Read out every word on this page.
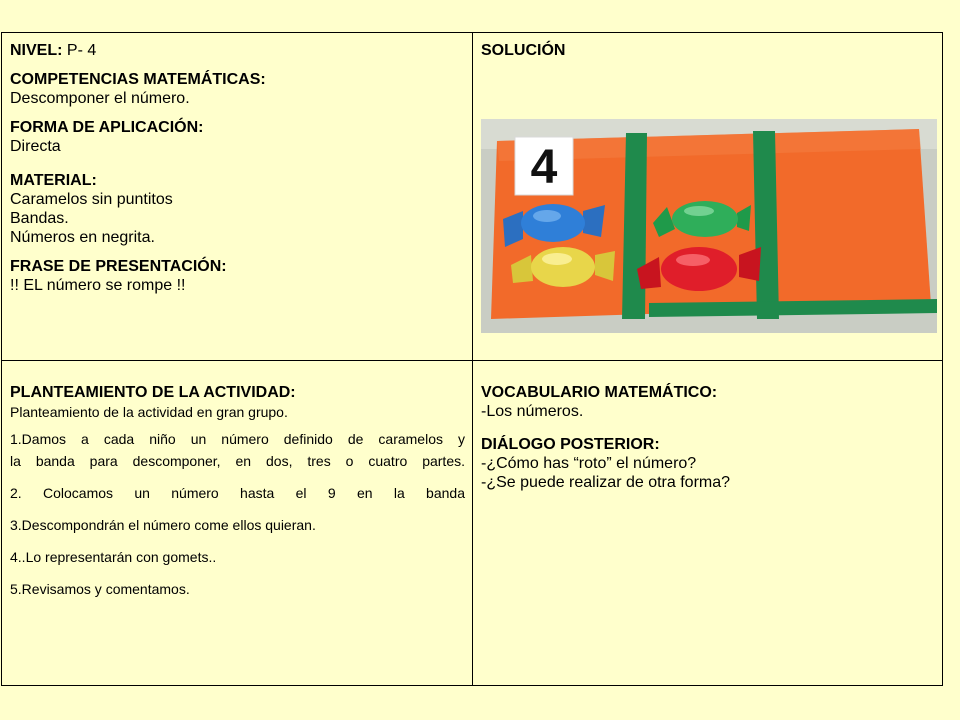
NIVEL: P- 4
COMPETENCIAS MATEMÁTICAS:
Descomponer el número.
FORMA DE APLICACIÓN:
Directa
MATERIAL:
Caramelos sin puntitos
Bandas.
Números en negrita.
FRASE DE PRESENTACIÓN:
!! EL número se rompe !!
SOLUCIÓN
PLANTEAMIENTO DE LA ACTIVIDAD:
Planteamiento de la actividad en gran grupo.
1.Damos a cada niño un número definido de caramelos y
la banda para descomponer, en dos, tres o cuatro partes.
2. Colocamos un número hasta el 9 en la banda
3.Descompondrán el número come ellos quieran.
4..Lo representarán con gomets..
5.Revisamos y comentamos.
VOCABULARIO MATEMÁTICO:
-Los números.
DIÁLOGO POSTERIOR:
-¿Cómo has “roto” el número?
-¿Se puede realizar de otra forma?
4
